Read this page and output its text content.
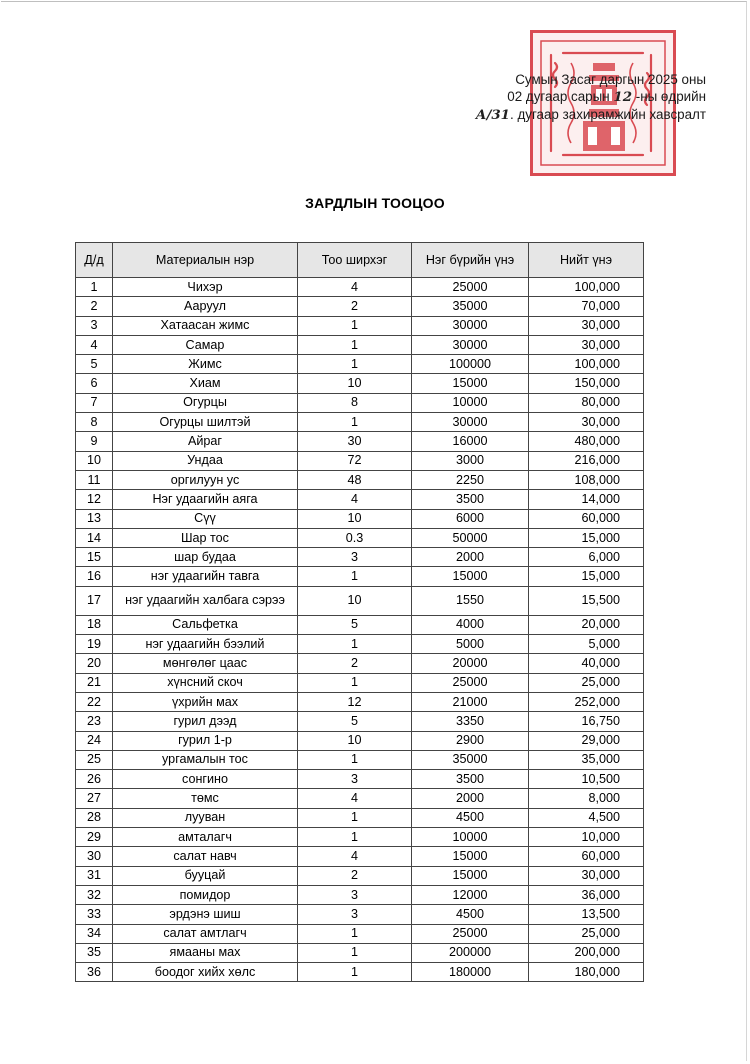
Сумын Засаг даргын 2025 оны
02 дугаар сарын 12 -ны өдрийн
А/31. дугаар захирамжийн хавсралт
ЗАРДЛЫН ТООЦОО
Д/д	Материалын нэр	Тоо ширхэг	Нэг бүрийн үнэ	Нийт үнэ
1	Чихэр	4	25000	100,000
2	Ааруул	2	35000	70,000
3	Хатаасан жимс	1	30000	30,000
4	Самар	1	30000	30,000
5	Жимс	1	100000	100,000
6	Хиам	10	15000	150,000
7	Огурцы	8	10000	80,000
8	Огурцы шилтэй	1	30000	30,000
9	Айраг	30	16000	480,000
10	Ундаа	72	3000	216,000
11	оргилуун ус	48	2250	108,000
12	Нэг удаагийн аяга	4	3500	14,000
13	Сүү	10	6000	60,000
14	Шар тос	0.3	50000	15,000
15	шар будаа	3	2000	6,000
16	нэг удаагийн тавга	1	15000	15,000
17	нэг удаагийн халбага сэрээ	10	1550	15,500
18	Сальфетка	5	4000	20,000
19	нэг удаагийн бээлий	1	5000	5,000
20	мөнгөлөг цаас	2	20000	40,000
21	хүнсний скоч	1	25000	25,000
22	үхрийн мах	12	21000	252,000
23	гурил дээд	5	3350	16,750
24	гурил 1-р	10	2900	29,000
25	ургамалын тос	1	35000	35,000
26	сонгино	3	3500	10,500
27	төмс	4	2000	8,000
28	лууван	1	4500	4,500
29	амталагч	1	10000	10,000
30	салат навч	4	15000	60,000
31	бууцай	2	15000	30,000
32	помидор	3	12000	36,000
33	эрдэнэ шиш	3	4500	13,500
34	салат амтлагч	1	25000	25,000
35	ямааны мах	1	200000	200,000
36	боодог хийх хөлс	1	180000	180,000
